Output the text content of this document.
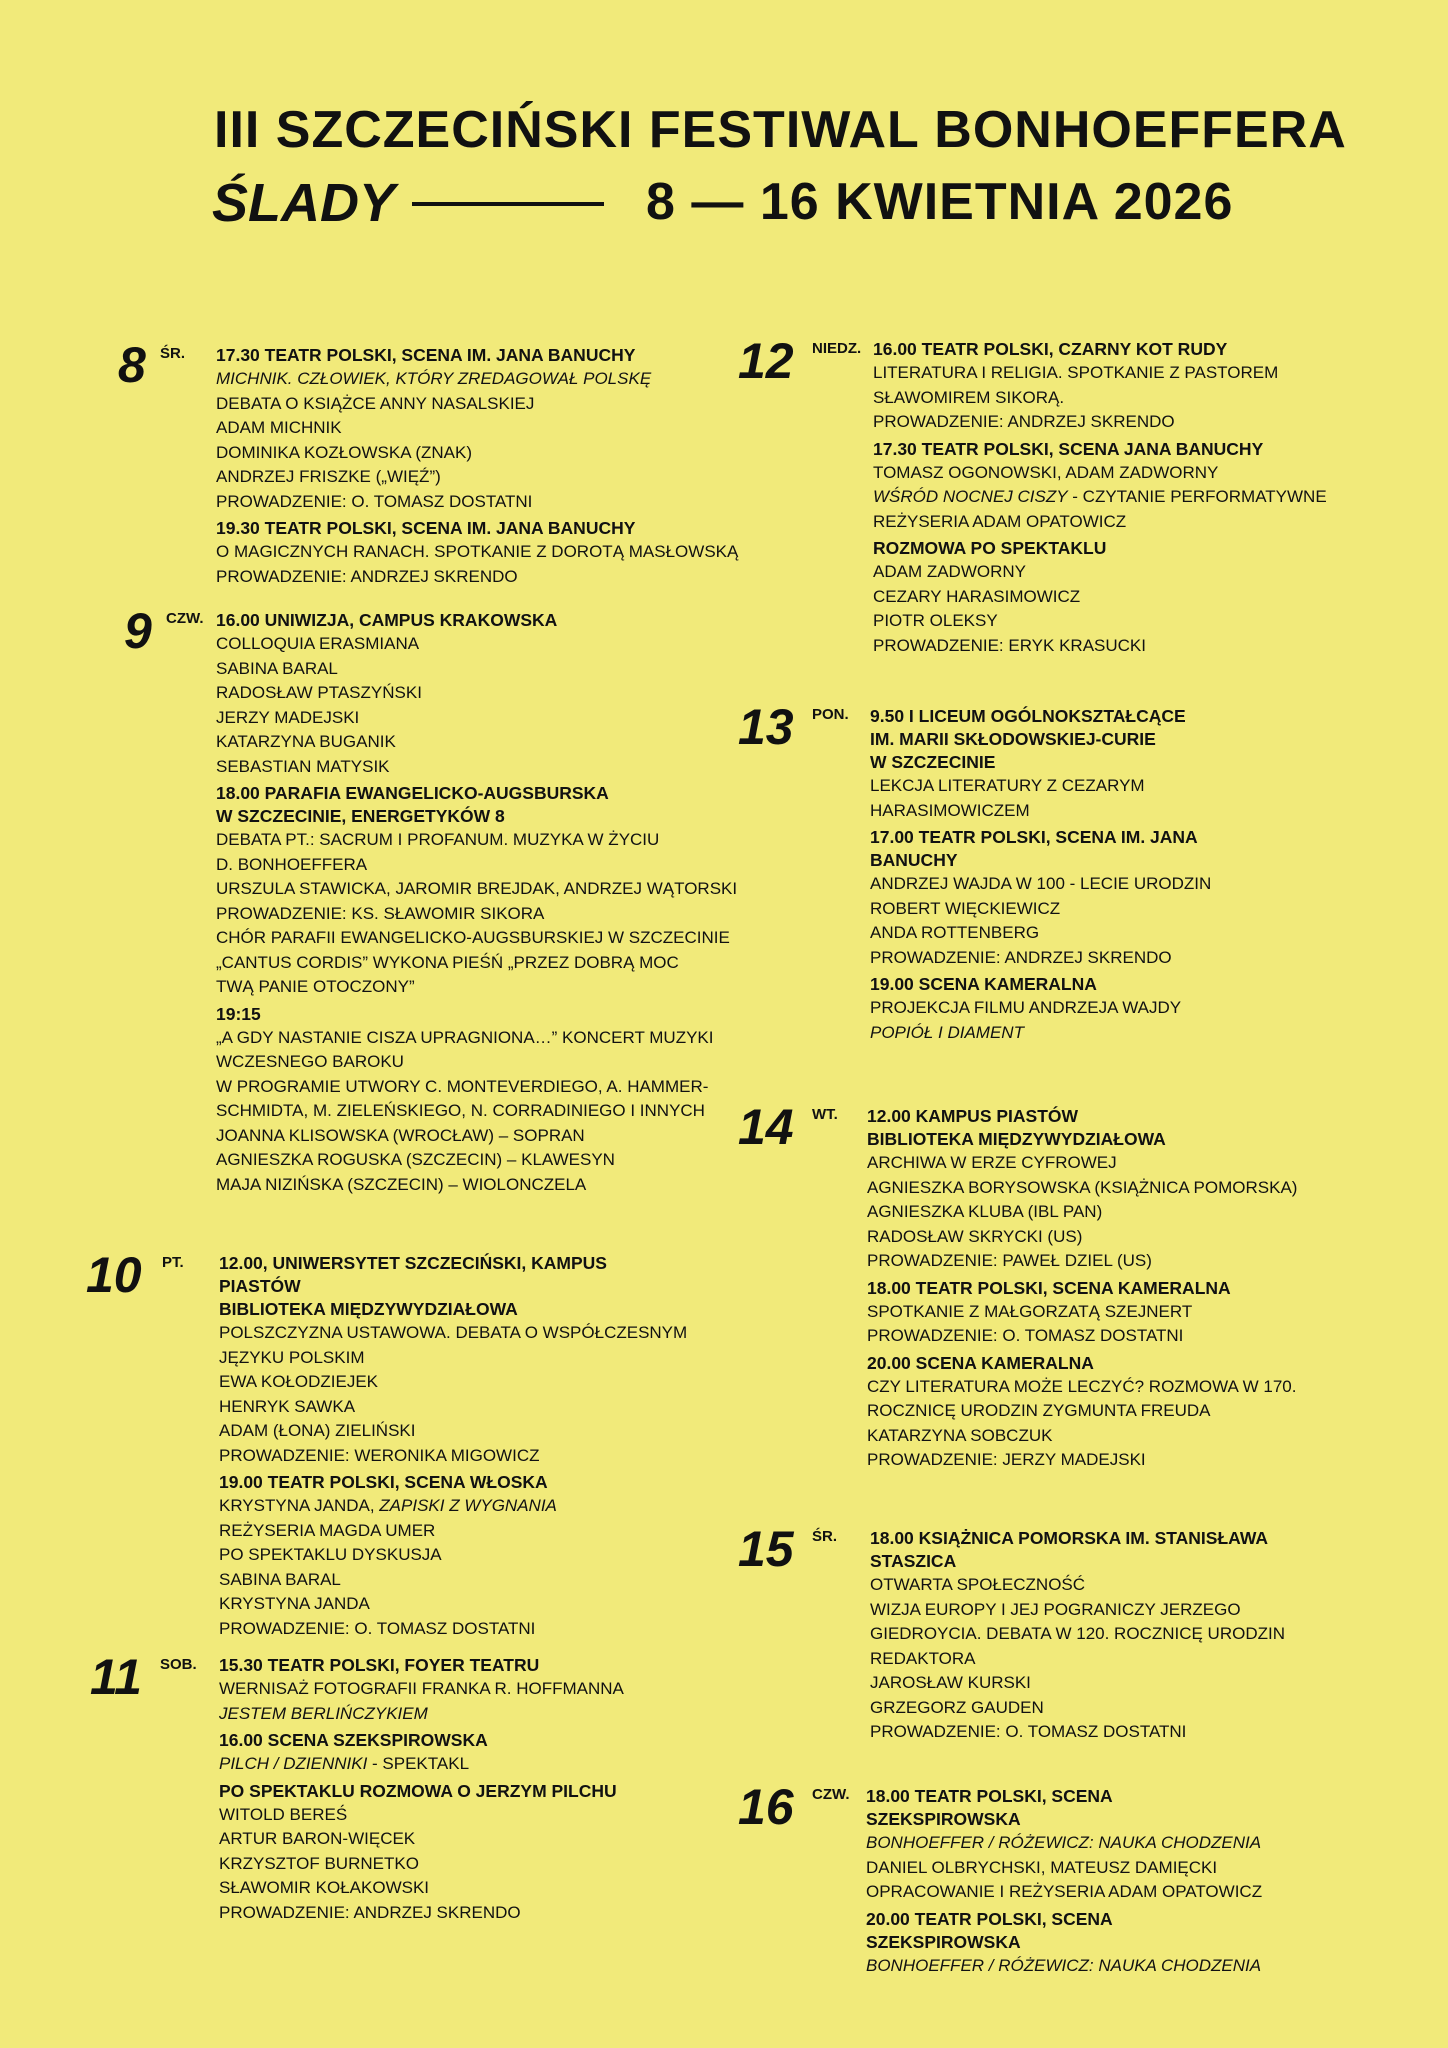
III SZCZECIŃSKI FESTIWAL BONHOEFFERA
ŚLADY	8 — 16 KWIETNIA 2026
8 ŚR. 17.30 TEATR POLSKI, SCENA IM. JANA BANUCHY
MICHNIK. CZŁOWIEK, KTÓRY ZREDAGOWAŁ POLSKĘ
DEBATA O KSIĄŻCE ANNY NASALSKIEJ
ADAM MICHNIK
DOMINIKA KOZŁOWSKA (ZNAK)
ANDRZEJ FRISZKE („WIĘŹ”)
PROWADZENIE: O. TOMASZ DOSTATNI
19.30 TEATR POLSKI, SCENA IM. JANA BANUCHY
O MAGICZNYCH RANACH. SPOTKANIE Z DOROTĄ MASŁOWSKĄ
PROWADZENIE: ANDRZEJ SKRENDO
9 CZW. 16.00 UNIWIZJA, CAMPUS KRAKOWSKA
COLLOQUIA ERASMIANA
SABINA BARAL
RADOSŁAW PTASZYŃSKI
JERZY MADEJSKI
KATARZYNA BUGANIK
SEBASTIAN MATYSIK
18.00 PARAFIA EWANGELICKO-AUGSBURSKA
W SZCZECINIE, ENERGETYKÓW 8
DEBATA PT.: SACRUM I PROFANUM. MUZYKA W ŻYCIU
D. BONHOEFFERA
URSZULA STAWICKA, JAROMIR BREJDAK, ANDRZEJ WĄTORSKI
PROWADZENIE: KS. SŁAWOMIR SIKORA
CHÓR PARAFII EWANGELICKO-AUGSBURSKIEJ W SZCZECINIE
„CANTUS CORDIS” WYKONA PIEŚŃ „PRZEZ DOBRĄ MOC
TWĄ PANIE OTOCZONY”
19:15
„A GDY NASTANIE CISZA UPRAGNIONA…” KONCERT MUZYKI
WCZESNEGO BAROKU
W PROGRAMIE UTWORY C. MONTEVERDIEGO, A. HAMMER-
SCHMIDTA, M. ZIELEŃSKIEGO, N. CORRADINIEGO I INNYCH
JOANNA KLISOWSKA (WROCŁAW) – SOPRAN
AGNIESZKA ROGUSKA (SZCZECIN) – KLAWESYN
MAJA NIZIŃSKA (SZCZECIN) – WIOLONCZELA
10 PT. 12.00, UNIWERSYTET SZCZECIŃSKI, KAMPUS PIASTÓW
BIBLIOTEKA MIĘDZYWYDZIAŁOWA
POLSZCZYZNA USTAWOWA. DEBATA O WSPÓŁCZESNYM
JĘZYKU POLSKIM
EWA KOŁODZIEJEK
HENRYK SAWKA
ADAM (ŁONA) ZIELIŃSKI
PROWADZENIE: WERONIKA MIGOWICZ
19.00 TEATR POLSKI, SCENA WŁOSKA
KRYSTYNA JANDA, ZAPISKI Z WYGNANIA
REŻYSERIA MAGDA UMER
PO SPEKTAKLU DYSKUSJA
SABINA BARAL
KRYSTYNA JANDA
PROWADZENIE: O. TOMASZ DOSTATNI
11 SOB. 15.30 TEATR POLSKI, FOYER TEATRU
WERNISAŻ FOTOGRAFII FRANKA R. HOFFMANNA
JESTEM BERLIŃCZYKIEM
16.00 SCENA SZEKSPIROWSKA
PILCH / DZIENNIKI - SPEKTAKL
PO SPEKTAKLU ROZMOWA O JERZYM PILCHU
WITOLD BEREŚ
ARTUR BARON-WIĘCEK
KRZYSZTOF BURNETKO
SŁAWOMIR KOŁAKOWSKI
PROWADZENIE: ANDRZEJ SKRENDO
12 NIEDZ. 16.00 TEATR POLSKI, CZARNY KOT RUDY
LITERATURA I RELIGIA. SPOTKANIE Z PASTOREM
SŁAWOMIREM SIKORĄ.
PROWADZENIE: ANDRZEJ SKRENDO
17.30 TEATR POLSKI, SCENA JANA BANUCHY
TOMASZ OGONOWSKI, ADAM ZADWORNY
WŚRÓD NOCNEJ CISZY - CZYTANIE PERFORMATYWNE
REŻYSERIA ADAM OPATOWICZ
ROZMOWA PO SPEKTAKLU
ADAM ZADWORNY
CEZARY HARASIMOWICZ
PIOTR OLEKSY
PROWADZENIE: ERYK KRASUCKI
13 PON. 9.50 I LICEUM OGÓLNOKSZTAŁCĄCE
IM. MARII SKŁODOWSKIEJ-CURIE
W SZCZECINIE
LEKCJA LITERATURY Z CEZARYM
HARASIMOWICZEM
17.00 TEATR POLSKI, SCENA IM. JANA
BANUCHY
ANDRZEJ WAJDA W 100 - LECIE URODZIN
ROBERT WIĘCKIEWICZ
ANDA ROTTENBERG
PROWADZENIE: ANDRZEJ SKRENDO
19.00 SCENA KAMERALNA
PROJEKCJA FILMU ANDRZEJA WAJDY
POPIÓŁ I DIAMENT
14 WT. 12.00 KAMPUS PIASTÓW
BIBLIOTEKA MIĘDZYWYDZIAŁOWA
ARCHIWA W ERZE CYFROWEJ
AGNIESZKA BORYSOWSKA (KSIĄŻNICA POMORSKA)
AGNIESZKA KLUBA (IBL PAN)
RADOSŁAW SKRYCKI (US)
PROWADZENIE: PAWEŁ DZIEL (US)
18.00 TEATR POLSKI, SCENA KAMERALNA
SPOTKANIE Z MAŁGORZATĄ SZEJNERT
PROWADZENIE: O. TOMASZ DOSTATNI
20.00 SCENA KAMERALNA
CZY LITERATURA MOŻE LECZYĆ? ROZMOWA W 170.
ROCZNICĘ URODZIN ZYGMUNTA FREUDA
KATARZYNA SOBCZUK
PROWADZENIE: JERZY MADEJSKI
15 ŚR. 18.00 KSIĄŻNICA POMORSKA IM. STANISŁAWA
STASZICA
OTWARTA SPOŁECZNOŚĆ
WIZJA EUROPY I JEJ POGRANICZY JERZEGO
GIEDROYCIA. DEBATA W 120. ROCZNICĘ URODZIN
REDAKTORA
JAROSŁAW KURSKI
GRZEGORZ GAUDEN
PROWADZENIE: O. TOMASZ DOSTATNI
16 CZW. 18.00 TEATR POLSKI, SCENA SZEKSPIROWSKA
BONHOEFFER / RÓŻEWICZ: NAUKA CHODZENIA
DANIEL OLBRYCHSKI, MATEUSZ DAMIĘCKI
OPRACOWANIE I REŻYSERIA ADAM OPATOWICZ
20.00 TEATR POLSKI, SCENA SZEKSPIROWSKA
BONHOEFFER / RÓŻEWICZ: NAUKA CHODZENIA
